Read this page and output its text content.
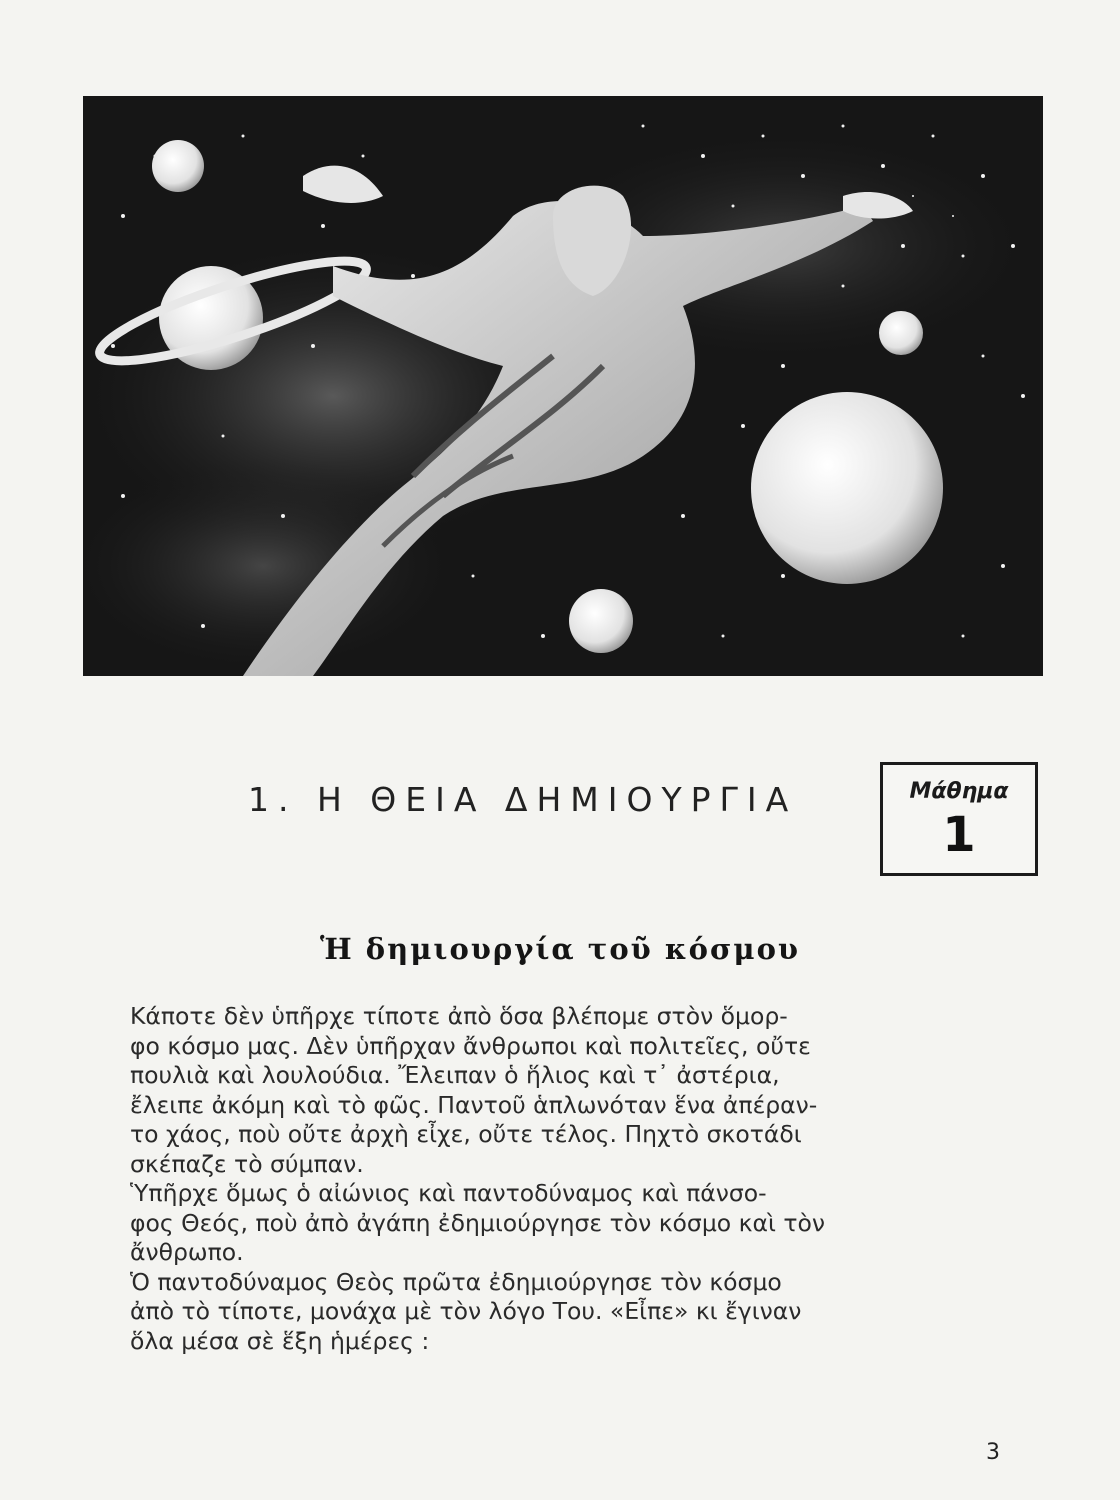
1. Η ΘΕΙΑ ΔΗΜΙΟΥΡΓΙΑ	Μάθημα
1
Ἡ δημιουργία τοῦ κόσμου

Κάποτε δὲν ὑπῆρχε τίποτε ἀπὸ ὅσα βλέπομε στὸν ὅμορ-

φο κόσμο μας. Δὲν ὑπῆρχαν ἄνθρωποι καὶ πολιτεῖες, οὔτε

πουλιὰ καὶ λουλούδια. Ἔλειπαν ὁ ἥλιος καὶ τ᾿ ἀστέρια,

ἔλειπε ἀκόμη καὶ τὸ φῶς. Παντοῦ ἁπλωνόταν ἕνα ἀπέραν-

το χάος, ποὺ οὔτε ἀρχὴ εἶχε, οὔτε τέλος. Πηχτὸ σκοτάδι

σκέπαζε τὸ σύμπαν.

Ὑπῆρχε ὅμως ὁ αἰώνιος καὶ παντοδύναμος καὶ πάνσο-

φος Θεός, ποὺ ἀπὸ ἀγάπη ἐδημιούργησε τὸν κόσμο καὶ τὸν

ἄνθρωπο.

Ὁ παντοδύναμος Θεὸς πρῶτα ἐδημιούργησε τὸν κόσμο

ἀπὸ τὸ τίποτε, μονάχα μὲ τὸν λόγο Του. «Εἶπε» κι ἔγιναν

ὅλα μέσα σὲ ἕξη ἡμέρες :

3
